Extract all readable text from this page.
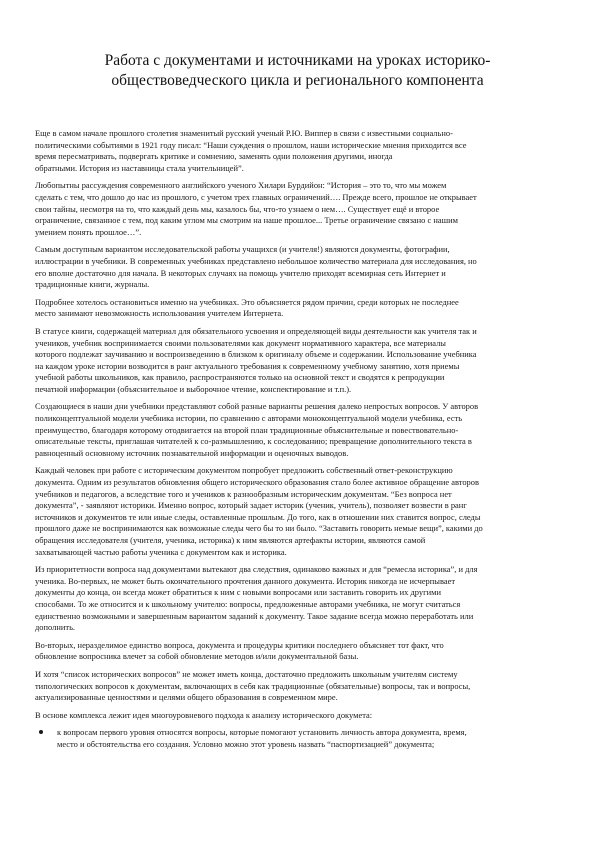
Работа с документами и источниками на уроках историко-
обществоведческого цикла и регионального компонента
Еще в самом начале прошлого столетия знаменитый русский ученый Р.Ю. Виппер в связи с известными социально-
политическими событиями в 1921 году писал: “Наши суждения о прошлом, наши исторические мнения приходится все
время пересматривать, подвергать критике и сомнению, заменять одни положения другими, иногда
обратными. История из наставницы стала учительницей”.
Любопытны рассуждения современного английского ученого Хилари Бурдийон: “История – это то, что мы можем
сделать с тем, что дошло до нас из прошлого, с учетом трех главных ограничений…. Прежде всего, прошлое не открывает
свои тайны, несмотря на то, что каждый день мы, казалось бы, что-то узнаем о нем…. Существует ещё и второе
ограничение, связанное с тем, под каким углом мы смотрим на наше прошлое... Третье ограничение связано с нашим
умением понять прошлое…”.
Самым доступным вариантом исследовательской работы учащихся (и учителя!) являются документы, фотографии,
иллюстрации в учебники. В современных учебниках представлено небольшое количество материала для исследования, но
его вполне достаточно для начала. В некоторых случаях на помощь учителю приходят всемирная сеть Интернет и
традиционные книги, журналы.
Подробнее хотелось остановиться именно на учебниках. Это объясняется рядом причин, среди которых не последнее
место занимают невозможность использования учителем Интернета.
В статусе книги, содержащей материал для обязательного усвоения и определяющей виды деятельности как учителя так и
учеников, учебник воспринимается своими пользователями как документ нормативного характера, все материалы
которого подлежат заучиванию и воспроизведению в близком к оригиналу объеме и содержании. Использование учебника
на каждом уроке истории возводится в ранг актуального требования к современному учебному занятию, хотя приемы
учебной работы школьников, как правило, распространяются только на основной текст и сводятся к репродукции
печатной информации (объяснительное и выборочное чтение, конспектирование и т.п.).
Создающиеся в наши дни учебники представляют собой разные варианты решения далеко непростых вопросов. У авторов
поликонцептуальной модели учебника истории, по сравнению с авторами моноконцептуальной модели учебника, есть
преимущество, благодаря которому отодвигается на второй план традиционные объяснительные и повествовательно-
описательные тексты, приглашая читателей к со-размышлению, к соследованию; превращение дополнительного текста в
равноценный основному источник познавательной информации и оценочных выводов.
Каждый человек при работе с историческим документом попробует предложить собственный ответ-реконструкцию
документа. Одним из результатов обновления общего исторического образования стало более активное обращение авторов
учебников и педагогов, а вследствие того и учеников к разнообразным историческим документам. “Без вопроса нет
документа”, - заявляют историки. Именно вопрос, который задает историк (ученик, учитель), позволяет возвести в ранг
источников и документов те или иные следы, оставленные прошлым. До того, как в отношении них ставится вопрос, следы
прошлого даже не воспринимаются как возможные следы чего бы то ни было. “Заставить говорить немые вещи”, какими до
обращения исследователя (учителя, ученика, историка) к ним являются артефакты истории, являются самой
захватывающей частью работы ученика с документом как и историка.
Из приоритетности вопроса над документами вытекают два следствия, одинаково важных и для “ремесла историка”, и для
ученика. Во-первых, не может быть окончательного прочтения данного документа. Историк никогда не исчерпывает
документы до конца, он всегда может обратиться к ним с новыми вопросами или заставить говорить их другими
способами. То же относится и к школьному учителю: вопросы, предложенные авторами учебника, не могут считаться
единственно возможными и завершенным вариантом заданий к документу. Такое задание всегда можно переработать или
дополнить.
Во-вторых, неразделимое единство вопроса, документа и процедуры критики последнего объясняет тот факт, что
обновление вопросника влечет за собой обновление методов и/или документальной базы.
И хотя “список исторических вопросов” не может иметь конца, достаточно предложить школьным учителям систему
типологических вопросов к документам, включающих в себя как традиционные (обязательные) вопросы, так и вопросы,
актуализированные ценностями и целями общего образования в современном мире.
В основе комплекса лежит идея многоуровневого подхода к анализу исторического докумета:
к вопросам первого уровня относятся вопросы, которые помогают установить личность автора документа, время,
место и обстоятельства его создания. Условно можно этот уровень назвать “паспортизацией” документа;
